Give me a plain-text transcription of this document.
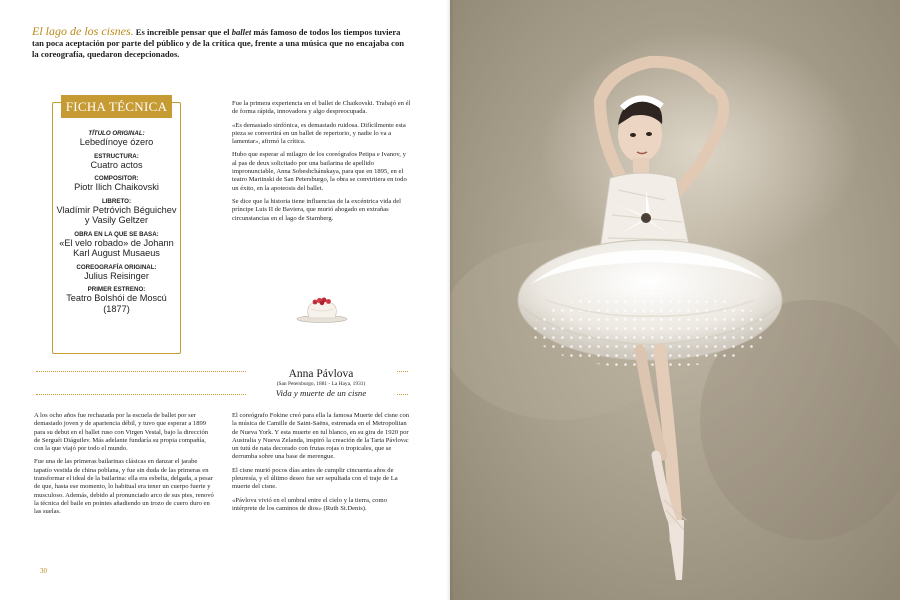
El lago de los cisnes. Es increíble pensar que el ballet más famoso de todos los tiempos tuviera tan poca aceptación por parte del público y de la crítica que, frente a una música que no encajaba con la coreografía, quedaron decepcionados.
FICHA TÉCNICA
TÍTULO ORIGINAL:
Lebedínoye ózero
ESTRUCTURA:
Cuatro actos
COMPOSITOR:
Piotr Ilich Chaikovski
LIBRETO:
Vladímir Petróvich Béguichev y Vasily Geltzer
OBRA EN LA QUE SE BASA:
«El velo robado» de Johann Karl August Musaeus
COREOGRAFÍA ORIGINAL:
Julius Reisinger
PRIMER ESTRENO:
Teatro Bolshói de Moscú (1877)

Fue la primera experiencia en el ballet de Chaikovski. Trabajó en él de forma rápida, innovadora y algo despreocupada.

«Es demasiado sinfónica, es demasiado ruidosa. Difícilmente esta pieza se convertirá en un ballet de repertorio, y nadie lo va a lamentar», afirmó la crítica.

Hubo que esperar al milagro de los coreógrafos Petipa e Ivanov, y al pas de deux solicitado por una bailarina de apellido impronunciable, Anna Sobeshchánskaya, para que en 1895, en el teatro Mariinski de San Petersburgo, la obra se convirtiera en todo un éxito, en la apoteosis del ballet.

Se dice que la historia tiene influencias de la excéntrica vida del príncipe Luis II de Baviera, que murió ahogado en extrañas circunstancias en el lago de Starnberg.

Anna Pávlova
(San Petersburgo, 1881 - La Haya, 1931)
Vida y muerte de un cisne

A los ocho años fue rechazada por la escuela de ballet por ser demasiado joven y de apariencia débil, y tuvo que esperar a 1899 para su debut en el ballet ruso con Virgen Vestal, bajo la dirección de Serguéi Diáguilev. Más adelante fundaría su propia compañía, con la que viajó por todo el mundo.

Fue una de las primeras bailarinas clásicas en danzar el jarabe tapatío vestida de china poblana, y fue sin duda de las primeras en transformar el ideal de la bailarina: ella era esbelta, delgada, a pesar de que, hasta ese momento, lo habitual era tener un cuerpo fuerte y musculoso. Además, debido al pronunciado arco de sus pies, renovó la técnica del baile en pointes añadiendo un trozo de cuero duro en las suelas.

El coreógrafo Fokine creó para ella la famosa Muerte del cisne con la música de Camille de Saint-Saëns, estrenada en el Metropolitan de Nueva York. Y esta muerte en tul blanco, en su gira de 1920 por Australia y Nueva Zelanda, inspiró la creación de la Tarta Pávlova: un tutú de nata decorado con frutas rojas o tropicales, que se derrumba sobre una base de merengue.

El cisne murió pocos días antes de cumplir cincuenta años de pleuresía, y el último deseo fue ser sepultada con el traje de La muerte del cisne.

«Pávlova vivió en el umbral entre el cielo y la tierra, como intérprete de los caminos de dios» (Ruth St.Denis).

30
